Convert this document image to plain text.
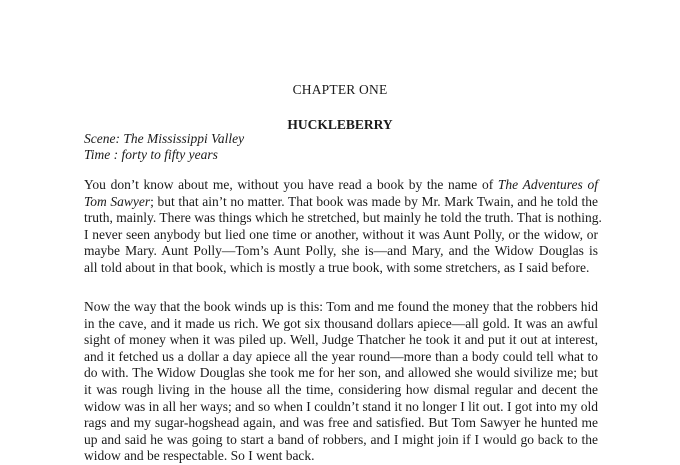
CHAPTER ONE
HUCKLEBERRY
Scene: The Mississippi Valley
Time : forty to fifty years
You don’t know about me, without you have read a book by the name of The Adventures of
Tom Sawyer; but that ain’t no matter. That book was made by Mr. Mark Twain, and he told the
truth, mainly. There was things which he stretched, but mainly he told the truth. That is nothing.
I never seen anybody but lied one time or another, without it was Aunt Polly, or the widow, or
maybe Mary. Aunt Polly—Tom’s Aunt Polly, she is—and Mary, and the Widow Douglas is
all told about in that book, which is mostly a true book, with some stretchers, as I said before.
Now the way that the book winds up is this: Tom and me found the money that the robbers hid
in the cave, and it made us rich. We got six thousand dollars apiece—all gold. It was an awful
sight of money when it was piled up. Well, Judge Thatcher he took it and put it out at interest,
and it fetched us a dollar a day apiece all the year round—more than a body could tell what to
do with. The Widow Douglas she took me for her son, and allowed she would sivilize me; but
it was rough living in the house all the time, considering how dismal regular and decent the
widow was in all her ways; and so when I couldn’t stand it no longer I lit out. I got into my old
rags and my sugar-hogshead again, and was free and satisfied. But Tom Sawyer he hunted me
up and said he was going to start a band of robbers, and I might join if I would go back to the
widow and be respectable. So I went back.
